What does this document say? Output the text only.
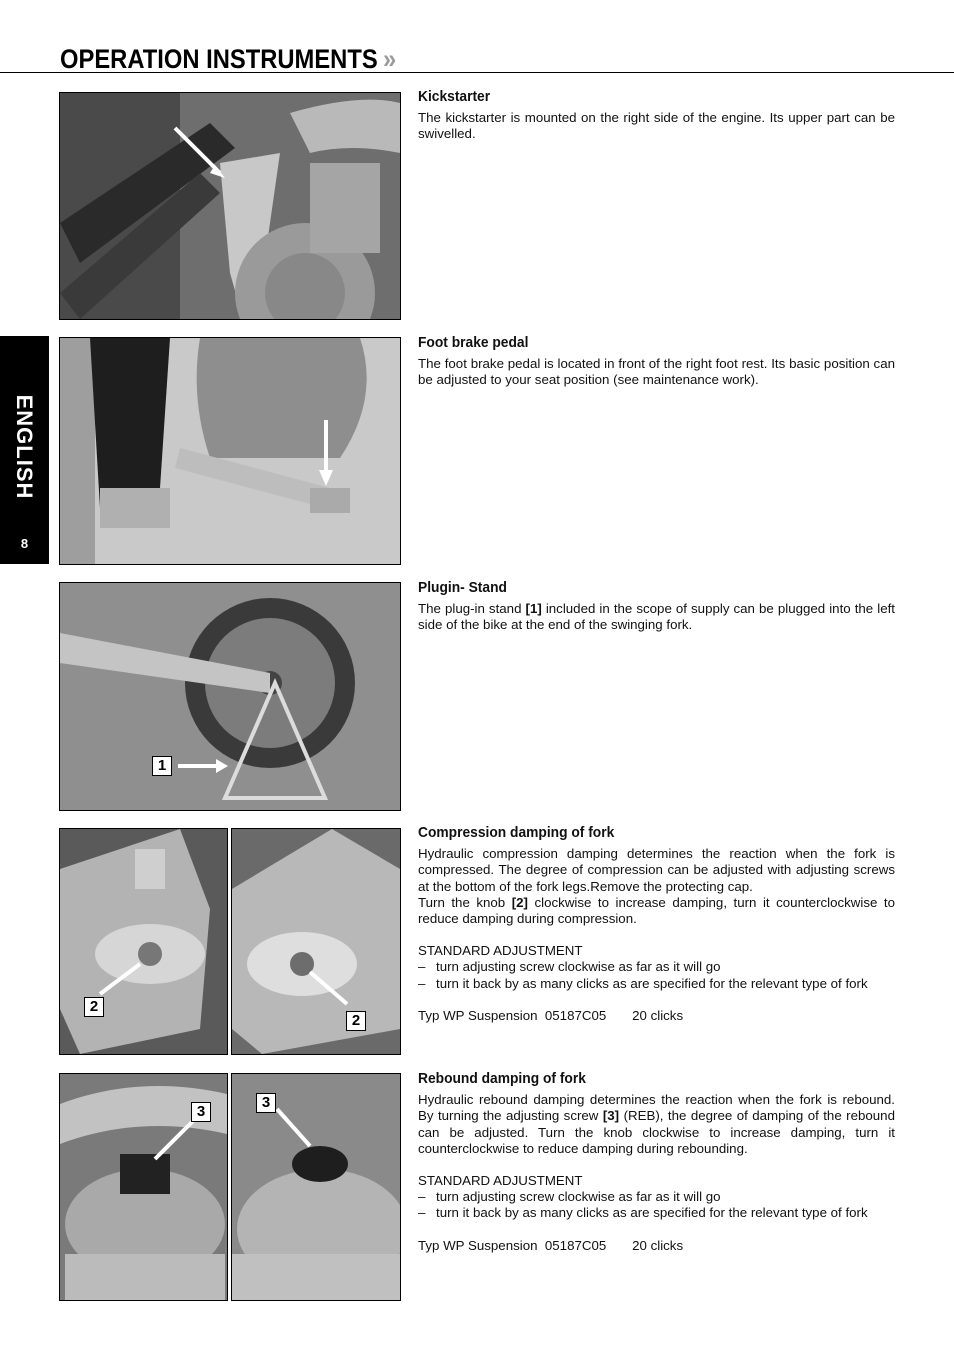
OPERATION INSTRUMENTS »
ENGLISH
8
1
2
2
3
3
Kickstarter

The kickstarter is mounted on the right side of the engine. Its upper part can be swivelled.

Foot brake pedal

The foot brake pedal is located in front of the right foot rest. Its basic position can be adjusted to your seat position (see maintenance work).

Plugin- Stand

The plug-in stand [1] included in the scope of supply can be plugged into the left side of the bike at the end of the swinging fork.

Compression damping of fork

Hydraulic compression damping determines the reaction when the fork is compressed. The degree of compression can be adjusted with adjusting screws at the bottom of the fork legs.Remove the protecting cap.

Turn the knob [2] clockwise to increase damping, turn it counterclockwise to reduce damping during compression.

STANDARD ADJUSTMENT
– turn adjusting screw clockwise as far as it will go
– turn it back by as many clicks as are specified for the relevant type of fork
Typ WP Suspension  05187C05       20 clicks
Rebound damping of fork

Hydraulic rebound damping determines the reaction when the fork is rebound. By turning the adjusting screw [3] (REB), the degree of damping of the rebound can be adjusted. Turn the knob clockwise to increase damping, turn it counterclockwise to reduce damping during rebounding.

STANDARD ADJUSTMENT
– turn adjusting screw clockwise as far as it will go
– turn it back by as many clicks as are specified for the relevant type of fork
Typ WP Suspension  05187C05       20 clicks
